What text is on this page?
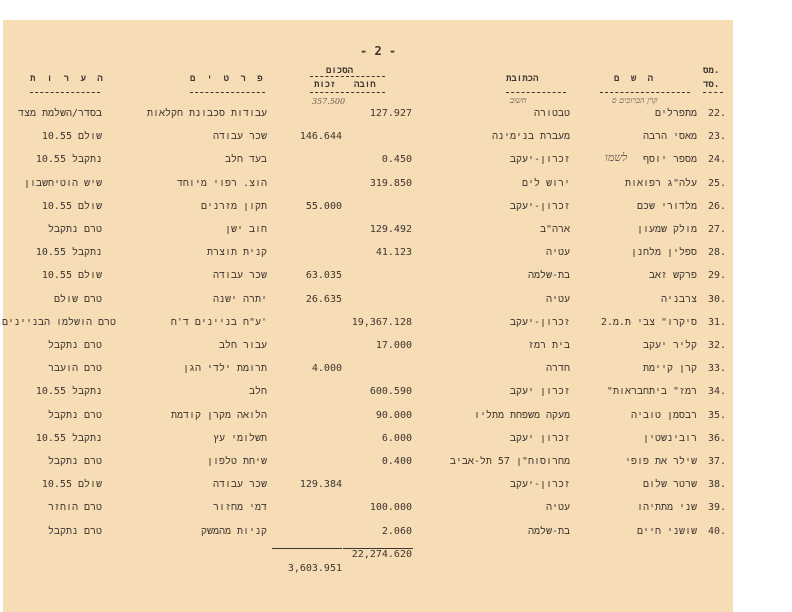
- 2 -
מס.
סד.
ה ש ם
הכתובת
הסכום
חובה
זכות
פ ר ט י ם
ה ע ר ו ת
קרן הברוכים ס
חשוב
357.500
לשמו
22.
מתפרלים
טבטורה
127.927
עבודות סכבונת חקלאות
בסדר/השלמת מצד
23.
מאסי הרבה
מעברת בנימינה
146.644
שכר עבודה
שולם 10.55
24.
מספר יוסף
זכרון-יעקב
0.450
בעד חלב
נתקבל 10.55
25.
עלה"ג רפואות
ירוש לים
319.850
הוצ. רפוי מיוחד
שיש הוטיחשבון
26.
מלדורי שכם
זכרון-יעקב
55.000
תקון מזרנים
שולם 10.55
27.
מולק שמעון
ארה"ב
129.492
חוב ישן
טרם נתקבל
28.
ספלין מלחנן
עטיה
41.123
קנית תוצרת
נתקבל 10.55
29.
פרקש זאב
בת-שלמה
63.035
שכר עבודה
שולם 10.55
30.
צרבניה
עטיה
26.635
יתרה ישנה
טרם שולם
31.
סיקרו" צבי ת.מ.2
זכרון-יעקב
19,367.128
ע"ח בניינים ד'ח'
טרם הושלמו הבניינים
32.
קליר יעקב
בית רמז
17.000
עבור חלב
טרם נתקבל
33.
קרן קיימת
חדרה
4.000
תרומת ילדי הגן
טרם הועבר
34.
"רמז" ביתחבראות
זכרון יעקב
600.590
חלב
נתקבל 10.55
35.
רבסמן טוביה
מעקה משפחת מתליו
90.000
הלואה מקרן קודמת
טרם נתקבל
36.
רובינשטין
זכרון יעקב
6.000
תשלומי עץ
נתקבל 10.55
37.
שילר את פופי
מחרוסוח"ן 57 תל-אביב
0.400
שיחת טלפון
טרם נתקבל
38.
שרטר שלום
זכרון-יעקב
129.384
שכר עבודה
שולם 10.55
39.
שני מתתיהו
עטיה
100.000
דמי מחזור
טרם הוחזר
40.
שושני חיים
בת-שלמה
2.060
קניות מהמשק
טרם נתקבל
22,274.620
3,603.951
